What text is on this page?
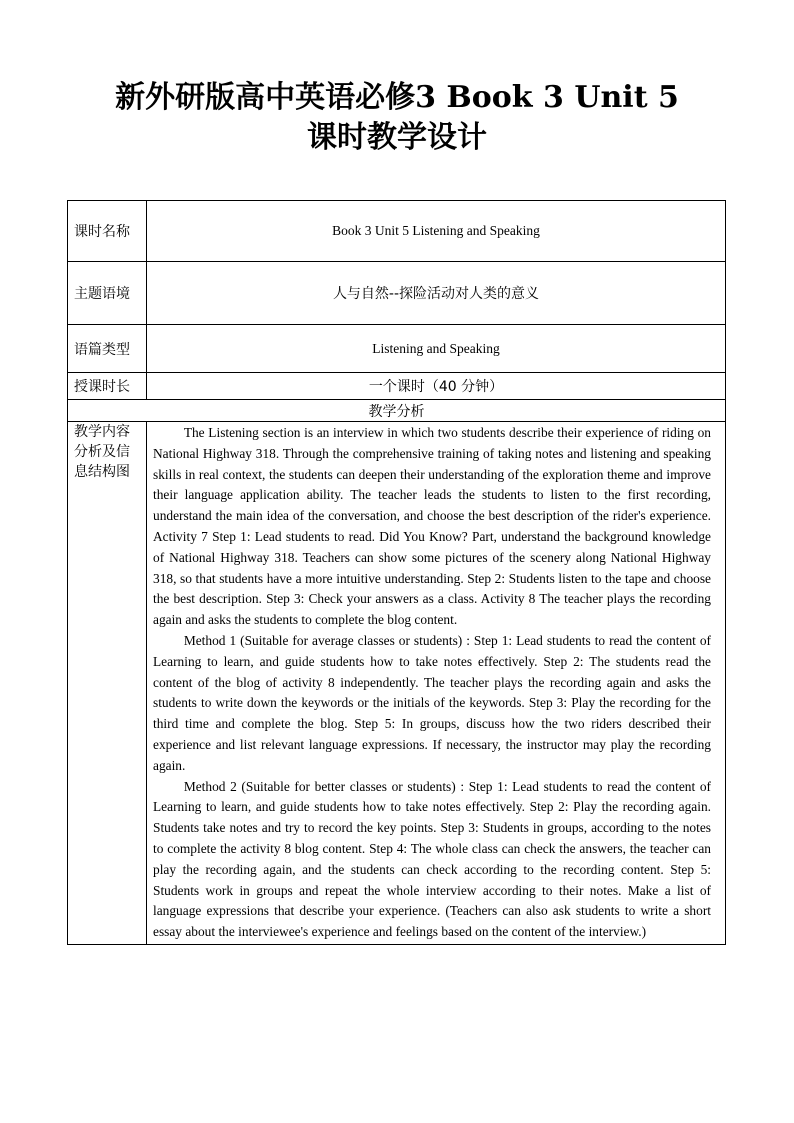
新外研版高中英语必修3 Book 3 Unit 5
课时教学设计
课时名称	Book 3 Unit 5 Listening and Speaking
主题语境	人与自然--探险活动对人类的意义
语篇类型	Listening and Speaking
授课时长	一个课时（40 分钟）
教学分析	
教学内容分析及信息结构图	The Listening section is an interview in which two students describe their experience of riding on National Highway 318. Through the comprehensive training of taking notes and listening and speaking skills in real context, the students can deepen their understanding of the exploration theme and improve their language application ability. The teacher leads the students to listen to the first recording, understand the main idea of the conversation, and choose the best description of the rider's experience. Activity 7 Step 1: Lead students to read. Did You Know? Part, understand the background knowledge of National Highway 318. Teachers can show some pictures of the scenery along National Highway 318, so that students have a more intuitive understanding. Step 2: Students listen to the tape and choose the best description. Step 3: Check your answers as a class. Activity 8 The teacher plays the recording again and asks the students to complete the blog content.

Method 1 (Suitable for average classes or students) : Step 1: Lead students to read the content of Learning to learn, and guide students how to take notes effectively. Step 2: The students read the content of the blog of activity 8 independently. The teacher plays the recording again and asks the students to write down the keywords or the initials of the keywords. Step 3: Play the recording for the third time and complete the blog. Step 5: In groups, discuss how the two riders described their experience and list relevant language expressions. If necessary, the instructor may play the recording again.

Method 2 (Suitable for better classes or students) : Step 1: Lead students to read the content of Learning to learn, and guide students how to take notes effectively. Step 2: Play the recording again. Students take notes and try to record the key points. Step 3: Students in groups, according to the notes to complete the activity 8 blog content. Step 4: The whole class can check the answers, the teacher can play the recording again, and the students can check according to the recording content. Step 5: Students work in groups and repeat the whole interview according to their notes. Make a list of language expressions that describe your experience. (Teachers can also ask students to write a short essay about the interviewee's experience and feelings based on the content of the interview.)
